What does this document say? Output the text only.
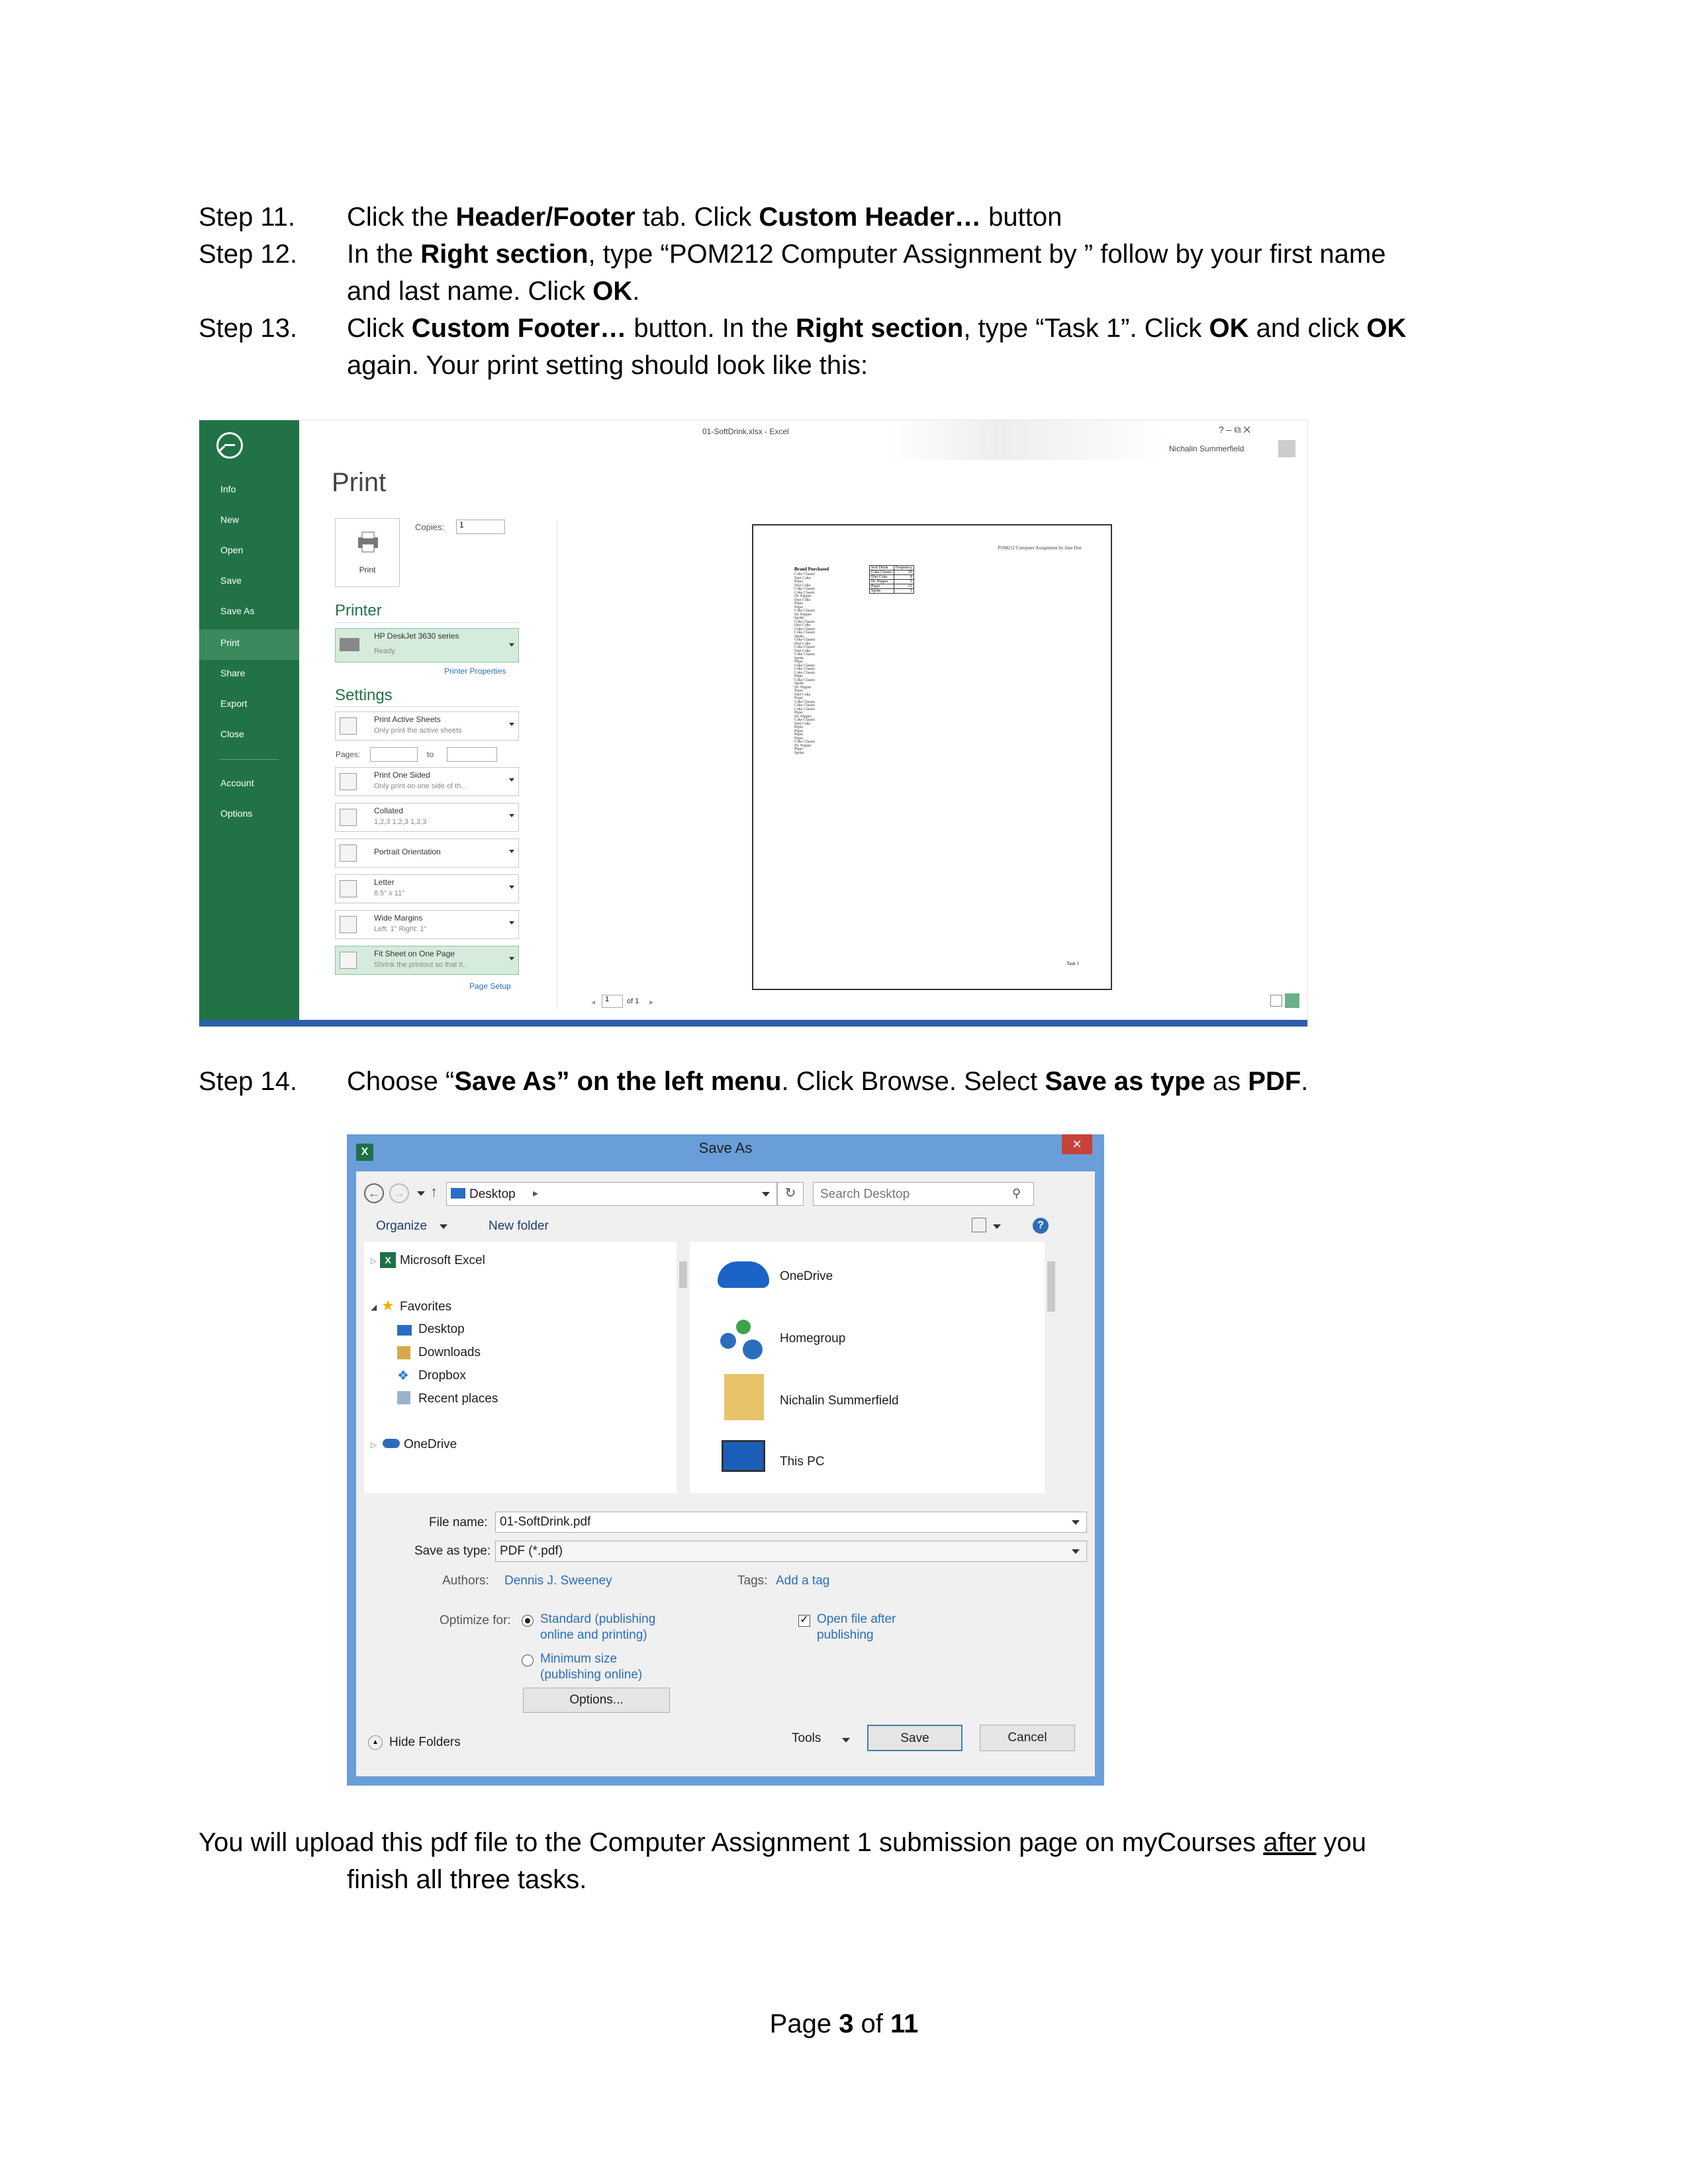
Step 11. Click the Header/Footer tab. Click Custom Header… button
Step 12. In the Right section, type “POM212 Computer Assignment by ” follow by your first name
and last name. Click OK.
Step 13. Click Custom Footer… button. In the Right section, type “Task 1”. Click OK and click OK
again. Your print setting should look like this:
Step 14. Choose “Save As” on the left menu. Click Browse. Select Save as type as PDF.
You will upload this pdf file to the Computer Assignment 1 submission page on myCourses after you
finish all three tasks.
Info
New
Open
Save
Save As
Print
Share
Export
Close
Account
Options
01-SoftDrink.xlsx - Excel	? – ⧉ ✕
Nichalin Summerfield
Print
Print
Copies:	1
Printer
HP DeskJet 3630 series
Ready
Printer Properties
Settings
Print Active Sheets
Only print the active sheets
Pages:	to
Print One Sided
Only print on one side of th...
Collated
1,2,3 1,2,3 1,2,3
Portrait Orientation
Letter
8.5" x 11"
Wide Margins
Left: 1" Right: 1"
Fit Sheet on One Page
Shrink the printout so that it...
Page Setup
POM212 Computer Assignment by Jane Doe
Brand Purchased
Coke Classic
Diet Coke
Pepsi
Diet Coke
Coke Classic
Coke Classic
Dr. Pepper
Diet Coke
Pepsi
Pepsi
Coke Classic
Dr. Pepper
Sprite
Coke Classic
Diet Coke
Coke Classic
Coke Classic
Sprite
Coke Classic
Diet Coke
Coke Classic
Diet Coke
Coke Classic
Sprite
Pepsi
Coke Classic
Coke Classic
Coke Classic
Pepsi
Coke Classic
Sprite
Dr. Pepper
Pepsi
Diet Coke
Pepsi
Coke Classic
Coke Classic
Coke Classic
Pepsi
Dr. Pepper
Coke Classic
Diet Coke
Pepsi
Pepsi
Pepsi
Pepsi
Coke Classic
Dr. Pepper
Pepsi
Sprite
Soft Drink	Frequency
Coke Classic	19
Diet Coke	8
Dr. Pepper	5
Pepsi	13
Sprite	5
Task 1
◂	1	of 1 ▸
X	Save As	✕
←	→ ↑	Desktop ▸	↻	Search Desktop	⚲
Organize	New folder	?
▷ X Microsoft Excel
◢ ★ Favorites
Desktop
Downloads
❖ Dropbox
Recent places
▷ OneDrive
OneDrive
Homegroup
Nichalin Summerfield
This PC
File name: 01-SoftDrink.pdf
Save as type: PDF (*.pdf)
Authors: Dennis J. Sweeney	Tags: Add a tag
Optimize for: Standard (publishing
online and printing)
Minimum size
(publishing online)
Options...
✓ Open file after
publishing
▲ Hide Folders	Tools	Save	Cancel
Page 3 of 11
